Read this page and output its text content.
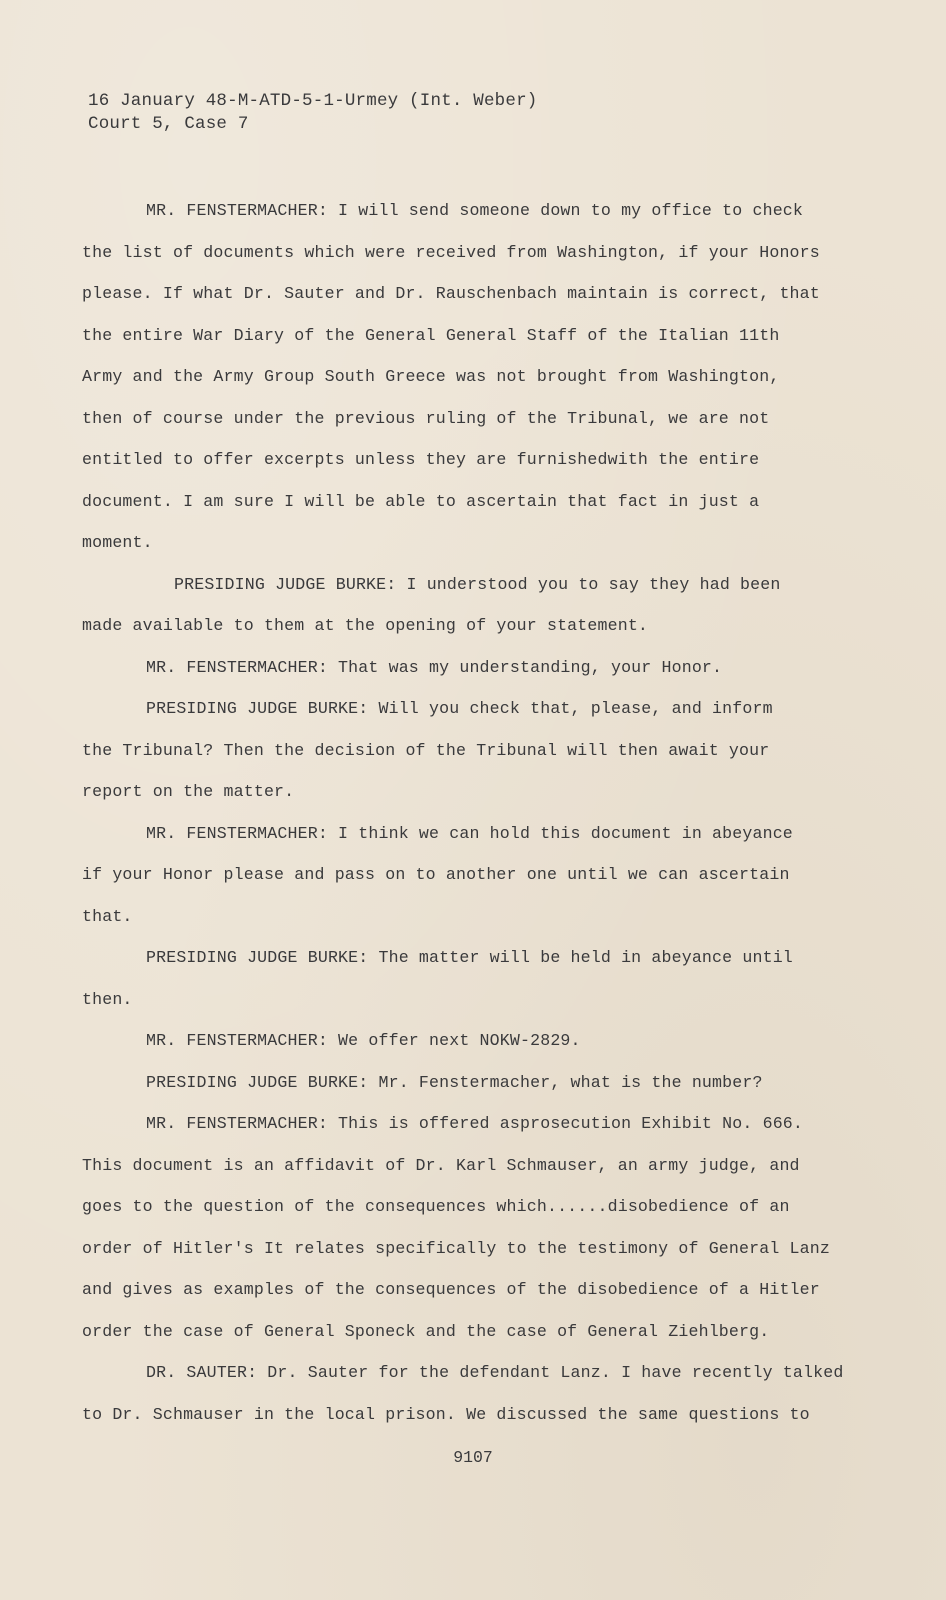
16 January 48-M-ATD-5-1-Urmey (Int. Weber)
Court 5, Case 7
MR. FENSTERMACHER: I will send someone down to my office to check
the list of documents which were received from Washington, if your Honors
please. If what Dr. Sauter and Dr. Rauschenbach maintain is correct, that
the entire War Diary of the General General Staff of the Italian 11th
Army and the Army Group South Greece was not brought from Washington,
then of course under the previous ruling of the Tribunal, we are not
entitled to offer excerpts unless they are furnishedwith the entire
document. I am sure I will be able to ascertain that fact in just a
moment.
PRESIDING JUDGE BURKE: I understood you to say they had been
made available to them at the opening of your statement.
MR. FENSTERMACHER: That was my understanding, your Honor.
PRESIDING JUDGE BURKE: Will you check that, please, and inform
the Tribunal? Then the decision of the Tribunal will then await your
report on the matter.
MR. FENSTERMACHER: I think we can hold this document in abeyance
if your Honor please and pass on to another one until we can ascertain
that.
PRESIDING JUDGE BURKE: The matter will be held in abeyance until
then.
MR. FENSTERMACHER: We offer next NOKW-2829.
PRESIDING JUDGE BURKE: Mr. Fenstermacher, what is the number?
MR. FENSTERMACHER: This is offered asprosecution Exhibit No. 666.
This document is an affidavit of Dr. Karl Schmauser, an army judge, and
goes to the question of the consequences which......disobedience of an
order of Hitler's It relates specifically to the testimony of General Lanz
and gives as examples of the consequences of the disobedience of a Hitler
order the case of General Sponeck and the case of General Ziehlberg.
DR. SAUTER: Dr. Sauter for the defendant Lanz. I have recently talked
to Dr. Schmauser in the local prison. We discussed the same questions to
9107
